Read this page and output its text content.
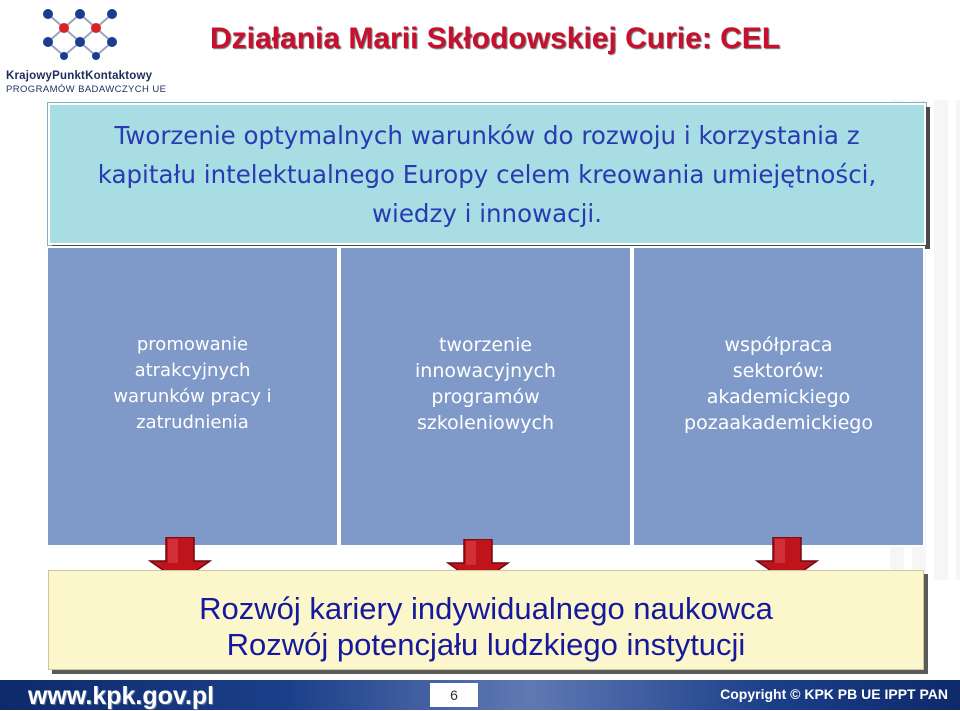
KrajowyPunktKontaktowy
PROGRAMÓW BADAWCZYCH UE
Działania Marii Skłodowskiej Curie: CEL
Tworzenie optymalnych warunków do rozwoju i korzystania z kapitału intelektualnego Europy celem kreowania umiejętności, wiedzy i innowacji.
promowanie
atrakcyjnych
warunków pracy i
zatrudnienia
tworzenie
innowacyjnych
programów
szkoleniowych
współpraca
sektorów:
akademickiego
pozaakademickiego
Rozwój kariery indywidualnego naukowca
Rozwój potencjału ludzkiego instytucji
www.kpk.gov.pl	6	Copyright © KPK PB UE IPPT PAN
